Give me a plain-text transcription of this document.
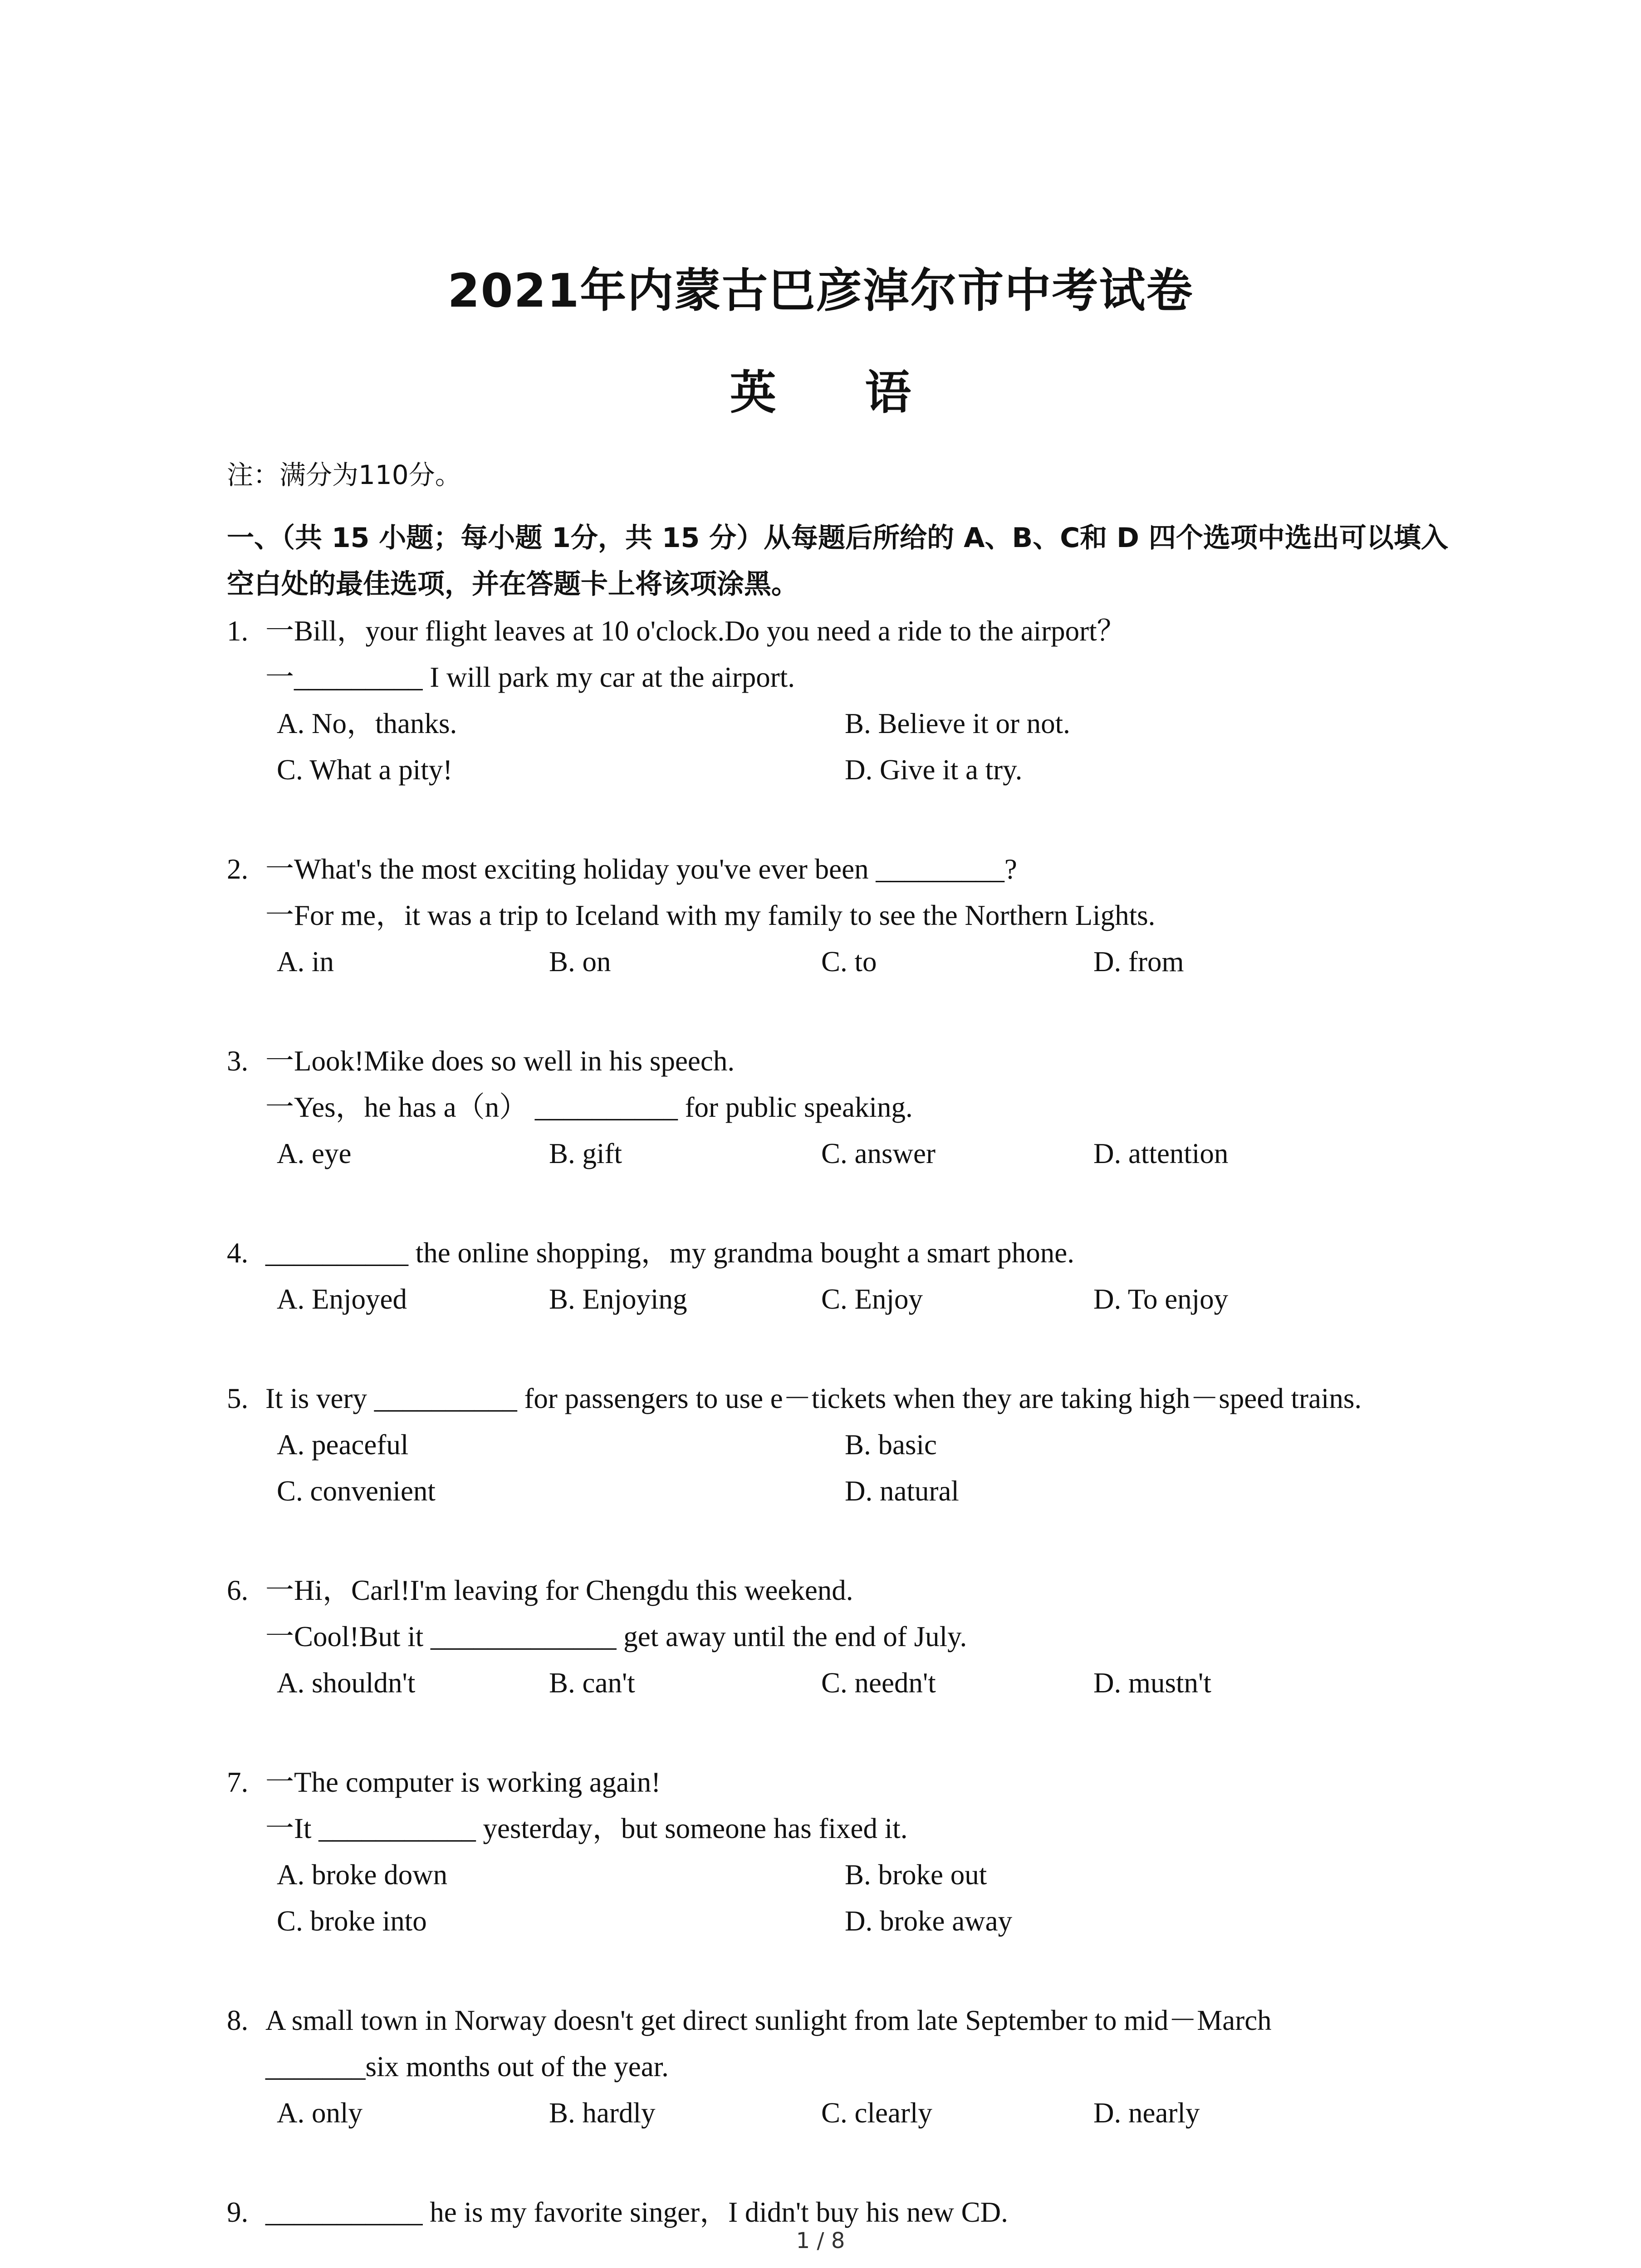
2021年内蒙古巴彦淖尔市中考试卷
英 语
注：满分为110分。
一、（共 15 小题；每小题 1分，共 15 分）从每题后所给的 A、B、C和 D 四个选项中选出可以填入空白处的最佳选项，并在答题卡上将该项涂黑。
1. 一Bill，your flight leaves at 10 o'clock.Do you need a ride to the airport？
一_________ I will park my car at the airport.
A. No，thanks.	B. Believe it or not.
C. What a pity!	D. Give it a try.
2. 一What's the most exciting holiday you've ever been _________?
一For me，it was a trip to Iceland with my family to see the Northern Lights.
A. in	B. on	C. to	D. from
3. 一Look!Mike does so well in his speech.
一Yes，he has a（n） __________ for public speaking.
A. eye	B. gift	C. answer	D. attention
4. __________ the online shopping，my grandma bought a smart phone.
A. Enjoyed	B. Enjoying	C. Enjoy	D. To enjoy
5. It is very __________ for passengers to use e－tickets when they are taking high－speed trains.
A. peaceful	B. basic
C. convenient	D. natural
6. 一Hi，Carl!I'm leaving for Chengdu this weekend.
一Cool!But it _____________ get away until the end of July.
A. shouldn't	B. can't	C. needn't	D. mustn't
7. 一The computer is working again!
一It ___________ yesterday，but someone has fixed it.
A. broke down	B. broke out
C. broke into	D. broke away
8. A small town in Norway doesn't get direct sunlight from late September to mid－March
_______six months out of the year.
A. only	B. hardly	C. clearly	D. nearly
9. ___________ he is my favorite singer，I didn't buy his new CD.
1 / 8
